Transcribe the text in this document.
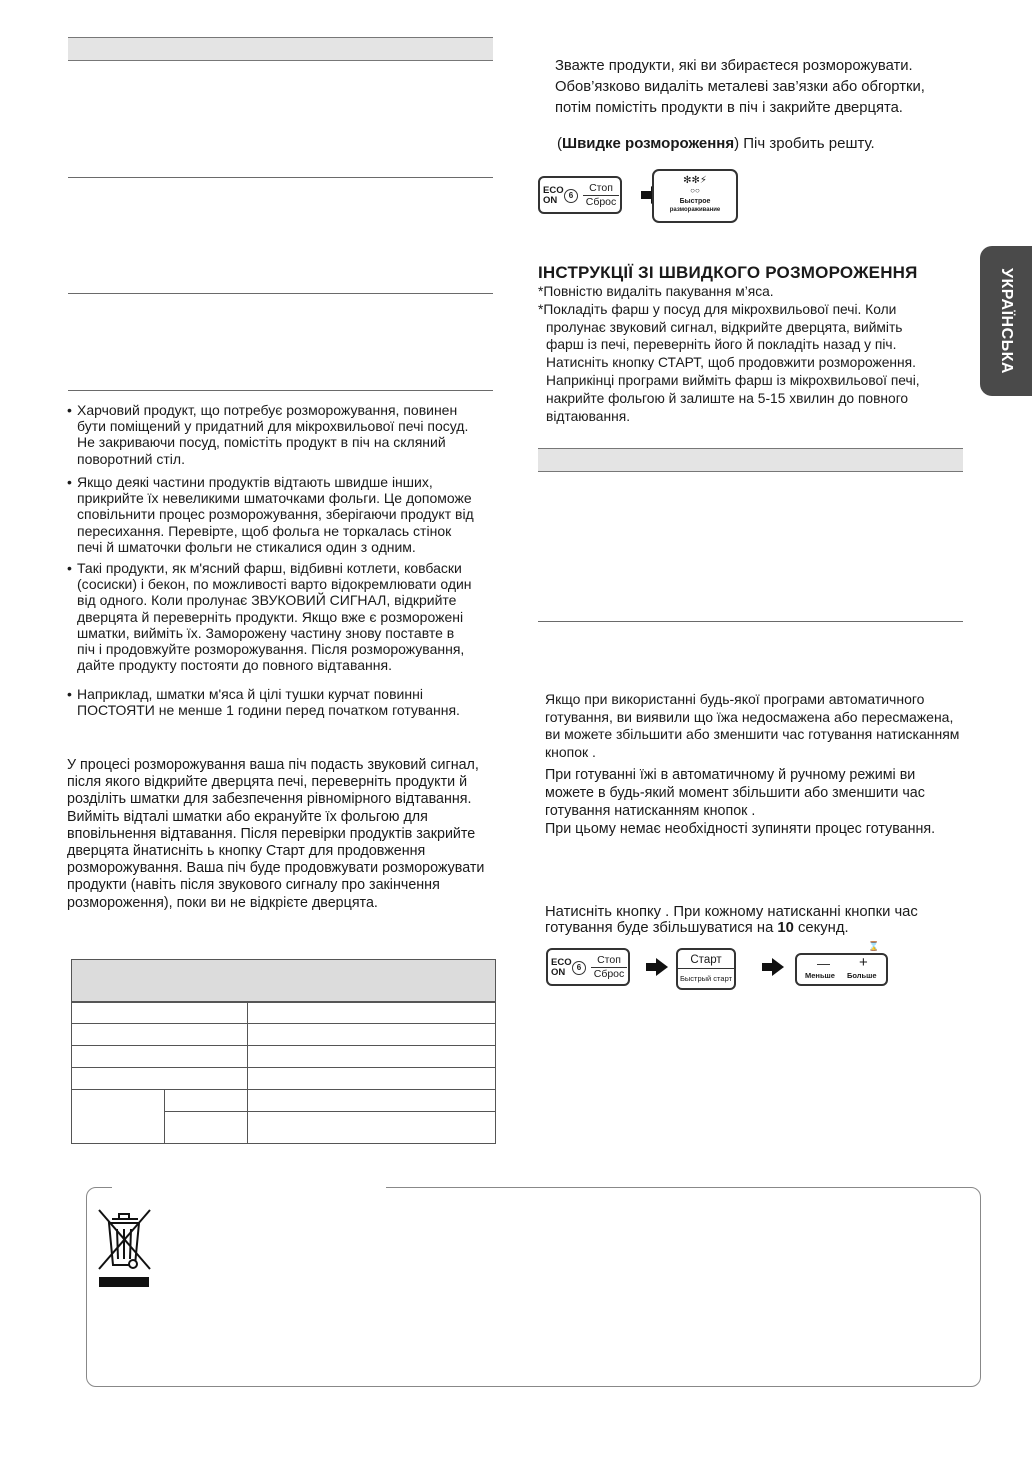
• Харчовий продукт, що потребує розморожування, повинен
бути поміщений у придатний для мікрохвильової печі посуд.
Не закриваючи посуд, помістіть продукт в піч на скляний
поворотний стіл.
• Якщо деякі частини продуктів відтають швидше інших,
прикрийте їх невеликими шматочками фольги. Це допоможе
сповільнити процес розморожування, зберігаючи продукт від
пересихання. Перевірте, щоб фольга не торкалась стінок
печі й шматочки фольги не стикалися один з одним.
• Такі продукти, як м'ясний фарш, відбивні котлети, ковбаски
(сосиски) і бекон, по можливості варто відокремлювати один
від одного. Коли пролунає ЗВУКОВИЙ СИГНАЛ, відкрийте
дверцята й переверніть продукти. Якщо вже є розморожені
шматки, вийміть їх. Заморожену частину знову поставте в
піч і продовжуйте розморожування. Після розморожування,
дайте продукту постояти до повного відтавання.
• Наприклад, шматки м'яса й цілі тушки курчат повинні
ПОСТОЯТИ не менше 1 години перед початком готування.
У процесі розморожування ваша піч подасть звуковий сигнал,
після якого відкрийте дверцята печі, переверніть продукти й
розділіть шматки для забезпечення рівномірного відтавання.
Вийміть відталі шматки або екрануйте їх фольгою для
вповільнення відтавання. Після перевірки продуктів закрийте
дверцята йнатисніть ь кнопку Старт для продовження
розморожування. Ваша піч буде продовжувати розморожувати
продукти (навіть після звукового сигналу про закінчення
розмороження), поки ви не відкрієте дверцята.

Зважте продукти, які ви збираєтеся розморожувати.
Обов’язково видаліть металеві зав’язки або обгортки,
потім помістіть продукти в піч і закрийте дверцята.
(Швидке розмороження) Піч зробить решту.
ECO
ON	6
Стоп
Сброс
✻✻⚡
○○
Быстрое
размораживание
ІНСТРУКЦІЇ ЗІ ШВИДКОГО РОЗМОРОЖЕННЯ
*Повністю видаліть пакування м’яса.
*Покладіть фарш у посуд для мікрохвильової печі. Коли
пролунає звуковий сигнал, відкрийте дверцята, вийміть
фарш із печі, переверніть його й покладіть назад у піч.
Натисніть кнопку СТАРТ, щоб продовжити розмороження.
Наприкінці програми вийміть фарш із мікрохвильової печі,
накрийте фольгою й залиште на 5-15 хвилин до повного
відтаювання.
Якщо при використанні будь-якої програми автоматичного
готування, ви виявили що їжа недосмажена або пересмажена,
ви можете збільшити або зменшити час готування натисканням
кнопок .
При готуванні їжі в автоматичному й ручному режимі ви
можете в будь-який момент збільшити або зменшити час
готування натисканням кнопок .
При цьому немає необхідності зупиняти процес готування.
Натисніть кнопку . При кожному натисканні кнопки час
готування буде збільшуватися на 10 секунд.
ECO
ON	6
Стоп
Сброс
Старт
Быстрый старт
⌛
— +
Меньше Больше
УКРАЇНСЬКА
